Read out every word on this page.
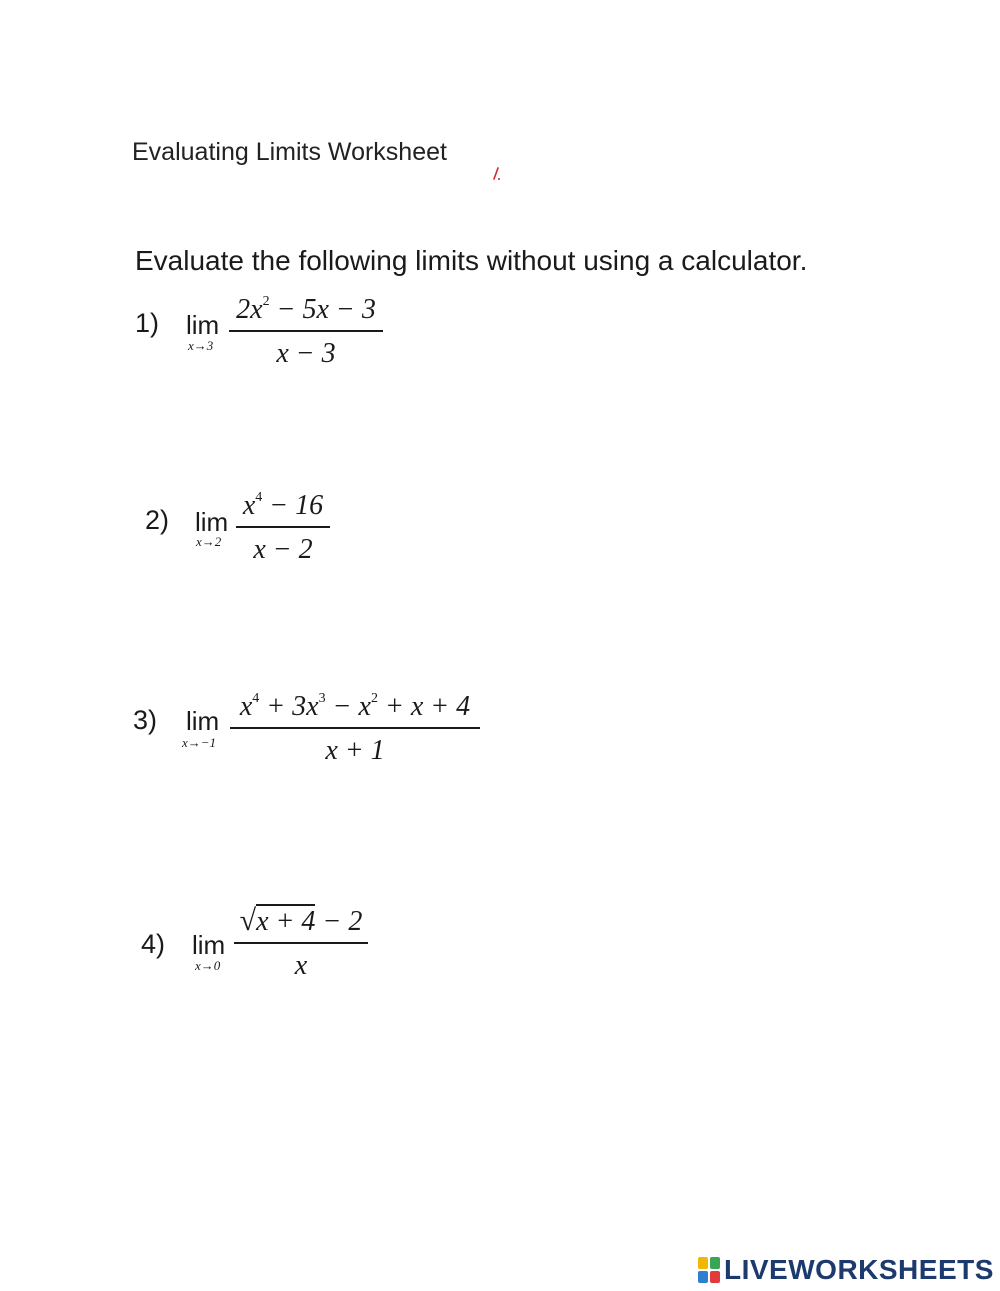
Evaluating Limits Worksheet
Evaluate the following limits without using a calculator.
1) lim
x→3
$2x^2 - 5x - 3$
x − 3
2) lim
x→2
$x^4 - 16$
x − 2
3) lim
x→−1
$x^4 + 3x^3 - x^2 + x + 4$
x + 1
4) lim
x→0
√x + 4 − 2
x
LIVEWORKSHEETS
